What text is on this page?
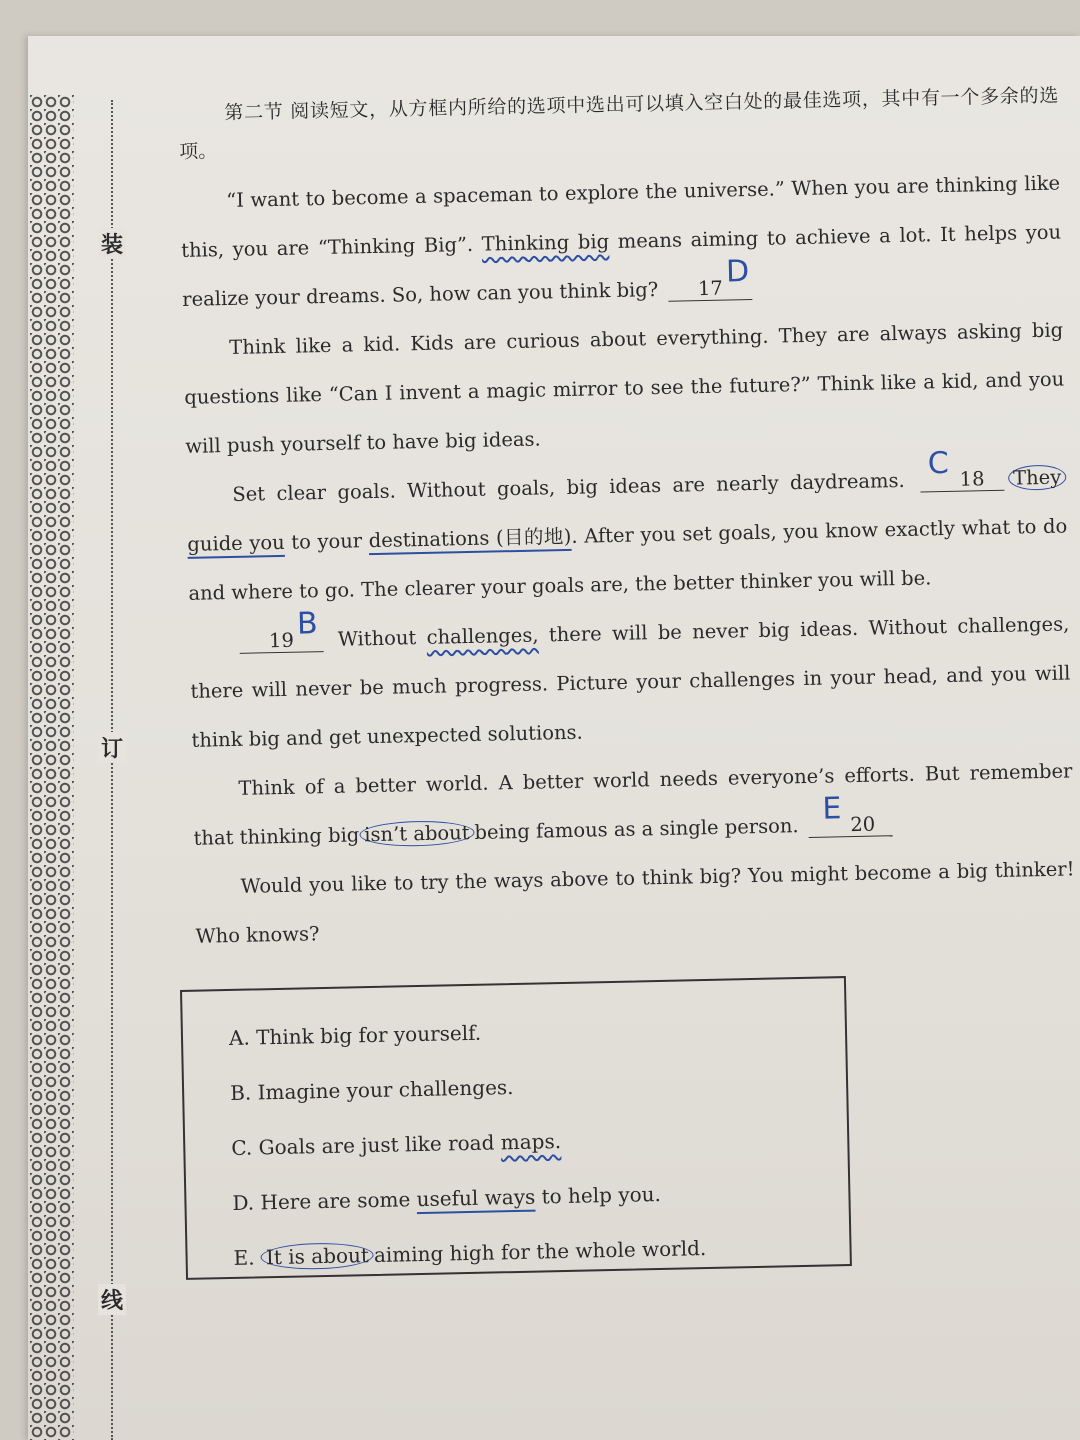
装
订
线

第二节 阅读短文，从方框内所给的选项中选出可以填入空白处的最佳选项，其中有一个多余的选项。

“I want to become a spaceman to explore the universe.” When you are thinking like this, you are “Thinking Big”. Thinking big means aiming to achieve a lot. It helps you realize your dreams. So, how can you think big? 17 D

Think like a kid. Kids are curious about everything. They are always asking big questions like “Can I invent a magic mirror to see the future?” Think like a kid, and you will push yourself to have big ideas.

Set clear goals. Without goals, big ideas are nearly daydreams.
C 18 They guide you to your destinations (目的地). After you set goals, you know exactly what to do and where to go. The clearer your goals are, the better thinker you will be.

19 B Without challenges, there will be never big ideas. Without challenges, there will never be much progress. Picture your challenges in your head, and you will think big and get unexpected solutions.

Think of a better world. A better world needs everyone’s efforts. But remember that thinking big isn’t about being famous as a single person.
E 20

Would you like to try the ways above to think big? You might become a big thinker! Who knows?

A. Think big for yourself.
B. Imagine your challenges.
C. Goals are just like road maps.
D. Here are some useful ways to help you.
E. It is about aiming high for the whole world.
